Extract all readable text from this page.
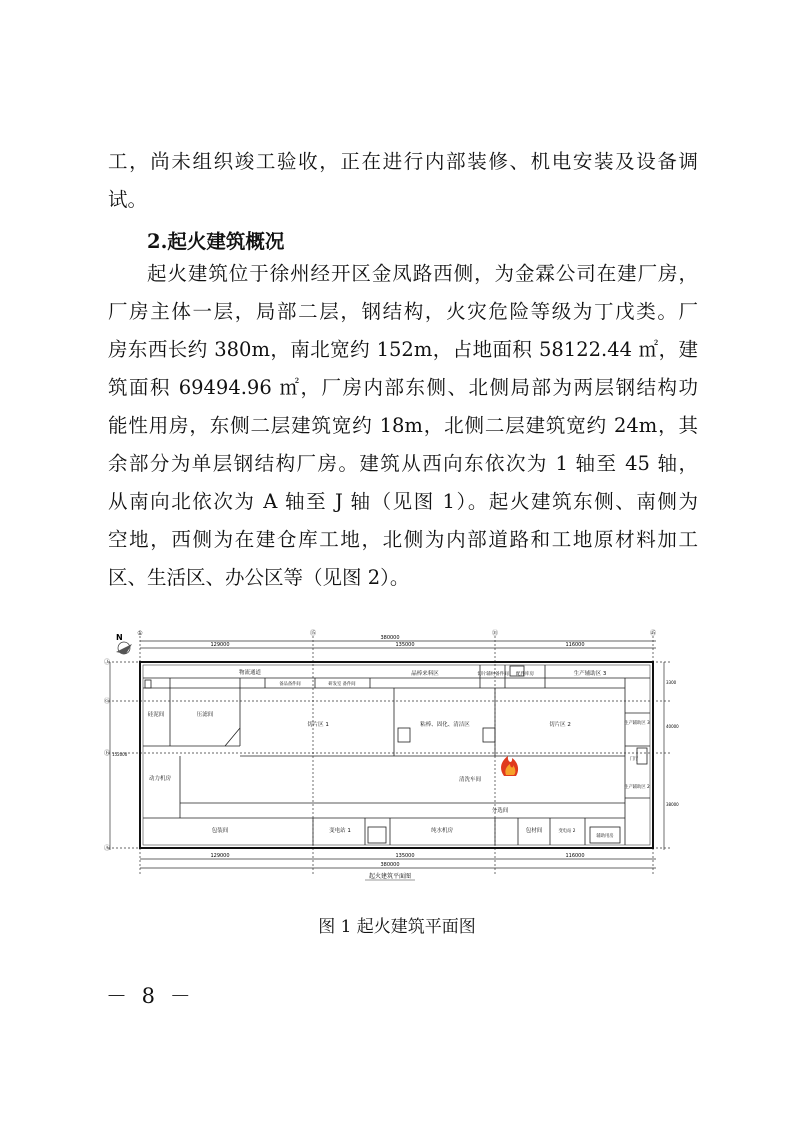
工，尚未组织竣工验收，正在进行内部装修、机电安装及设备调
试。
2.起火建筑概况
起火建筑位于徐州经开区金凤路西侧，为金霖公司在建厂房，
厂房主体一层，局部二层，钢结构，火灾危险等级为丁戊类。厂
房东西长约 380m，南北宽约 152m，占地面积 58122.44 ㎡，建
筑面积 69494.96 ㎡，厂房内部东侧、北侧局部为两层钢结构功
能性用房，东侧二层建筑宽约 18m，北侧二层建筑宽约 24m，其
余部分为单层钢结构厂房。建筑从西向东依次为 1 轴至 45 轴，
从南向北依次为 A 轴至 J 轴（见图 1）。起火建筑东侧、南侧为
空地，西侧为在建仓库工地，北侧为内部道路和工地原材料加工
区、生活区、办公区等（见图 2）。
N	380000
129000	135000	116000
129000	135000	116000
380000
①	⑮	㉛	㊺
Ⓙ
Ⓖ
Ⓔ
Ⓐ
3300
40000
152000
38000
物流通道	晶棒来料区	切片辅材备件间 配件库房	生产辅助区 3
备品备件间	研发室 备件间
硅泥间	压滤间
切片区 1	粘棒、固化、清洁区	切片区 2	生产辅助区 3
门厅
动力机房	清洗车间
分选间
生产辅助区 2
包装间	变电站 1	纯水机房	包材间	变电站 2
辅助用房
起火建筑平面图
图 1 起火建筑平面图
－ 8 －
